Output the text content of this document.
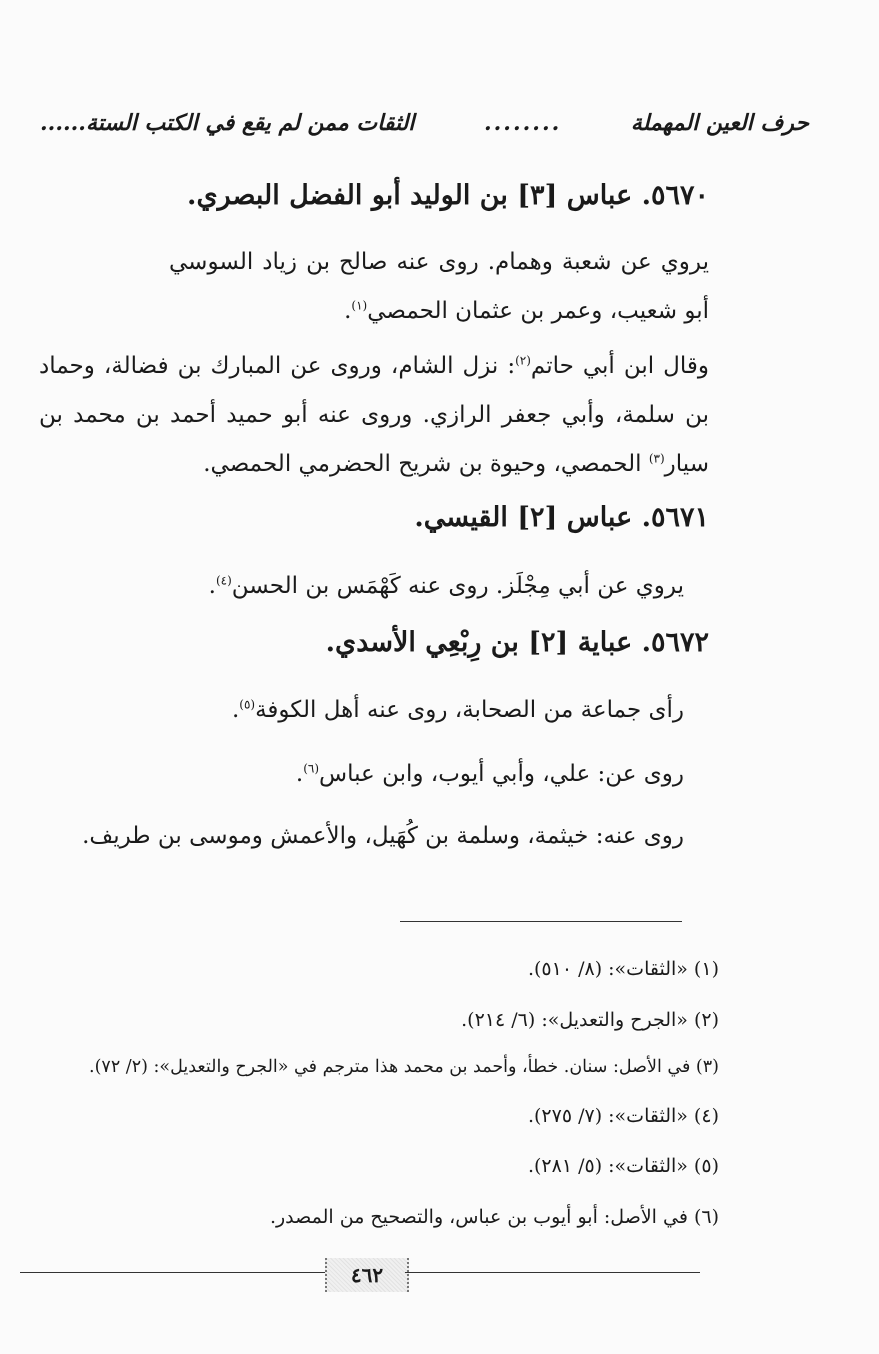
حرف العين المهملة
........
الثقات ممن لم يقع في الكتب الستة
......
٥٦٧٠. عباس [٣] بن الوليد أبو الفضل البصري.
يروي عن شعبة وهمام. روى عنه صالح بن زياد السوسي أبو شعيب، وعمر بن عثمان الحمصي$^{(١)}$.
وقال ابن أبي حاتم$^{(٢)}$: نزل الشام، وروى عن المبارك بن فضالة، وحماد بن سلمة، وأبي جعفر الرازي. وروى عنه أبو حميد أحمد بن محمد بن سيار$^{(٣)}$ الحمصي، وحيوة بن شريح الحضرمي الحمصي.
٥٦٧١. عباس [٢] القيسي.
يروي عن أبي مِجْلَز. روى عنه كَهْمَس بن الحسن$^{(٤)}$.
٥٦٧٢. عباية [٢] بن رِبْعِي الأسدي.
رأى جماعة من الصحابة، روى عنه أهل الكوفة$^{(٥)}$.
روى عن: علي، وأبي أيوب، وابن عباس$^{(٦)}$.
روى عنه: خيثمة، وسلمة بن كُهَيل، والأعمش وموسى بن طريف.
(١) «الثقات»: (٨/ ٥١٠).
(٢) «الجرح والتعديل»: (٦/ ٢١٤).
(٣) في الأصل: سنان. خطأ، وأحمد بن محمد هذا مترجم في «الجرح والتعديل»: (٢/ ٧٢).
(٤) «الثقات»: (٧/ ٢٧٥).
(٥) «الثقات»: (٥/ ٢٨١).
(٦) في الأصل: أبو أيوب بن عباس، والتصحيح من المصدر.
٤٦٢
